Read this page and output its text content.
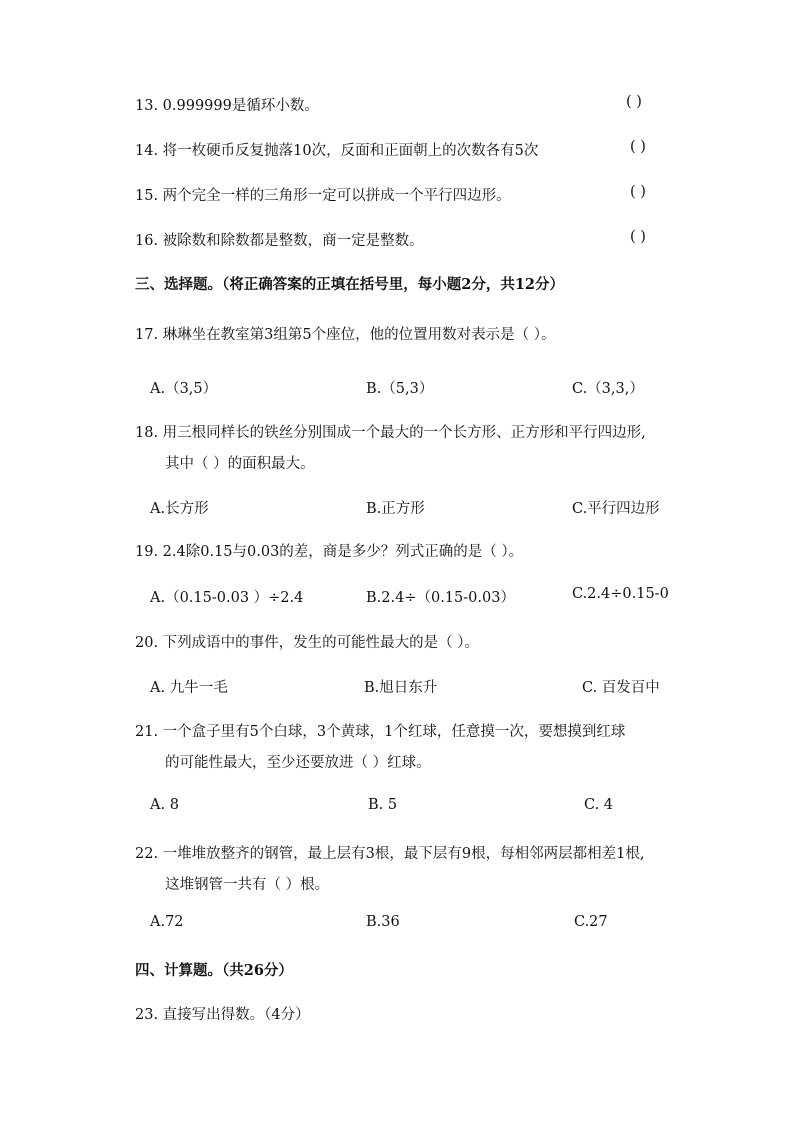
13. 0.999999是循环小数。	( )
14. 将一枚硬币反复抛落10次，反面和正面朝上的次数各有5次	( )
15. 两个完全一样的三角形一定可以拼成一个平行四边形。	( )
16. 被除数和除数都是整数，商一定是整数。	( )
三、选择题。（将正确答案的正填在括号里，每小题2分，共12分）
17. 琳琳坐在教室第3组第5个座位，他的位置用数对表示是（ ）。
A.（3,5）	B.（5,3）	C.（3,3,）
18. 用三根同样长的铁丝分别围成一个最大的一个长方形、正方形和平行四边形,
其中（ ）的面积最大。
A.长方形	B.正方形	C.平行四边形
19. 2.4除0.15与0.03的差，商是多少？列式正确的是（ ）。
A.（0.15-0.03 ）÷2.4	B.2.4÷（0.15-0.03）	C.2.4÷0.15-0
20. 下列成语中的事件，发生的可能性最大的是（ ）。
A. 九牛一毛	B.旭日东升	C. 百发百中
21. 一个盒子里有5个白球，3个黄球，1个红球，任意摸一次，要想摸到红球
的可能性最大，至少还要放进（ ）红球。
A. 8	B. 5	C. 4
22. 一堆堆放整齐的钢管，最上层有3根，最下层有9根，每相邻两层都相差1根,
这堆钢管一共有（ ）根。
A.72	B.36	C.27
四、计算题。（共26分）
23. 直接写出得数。（4分）
